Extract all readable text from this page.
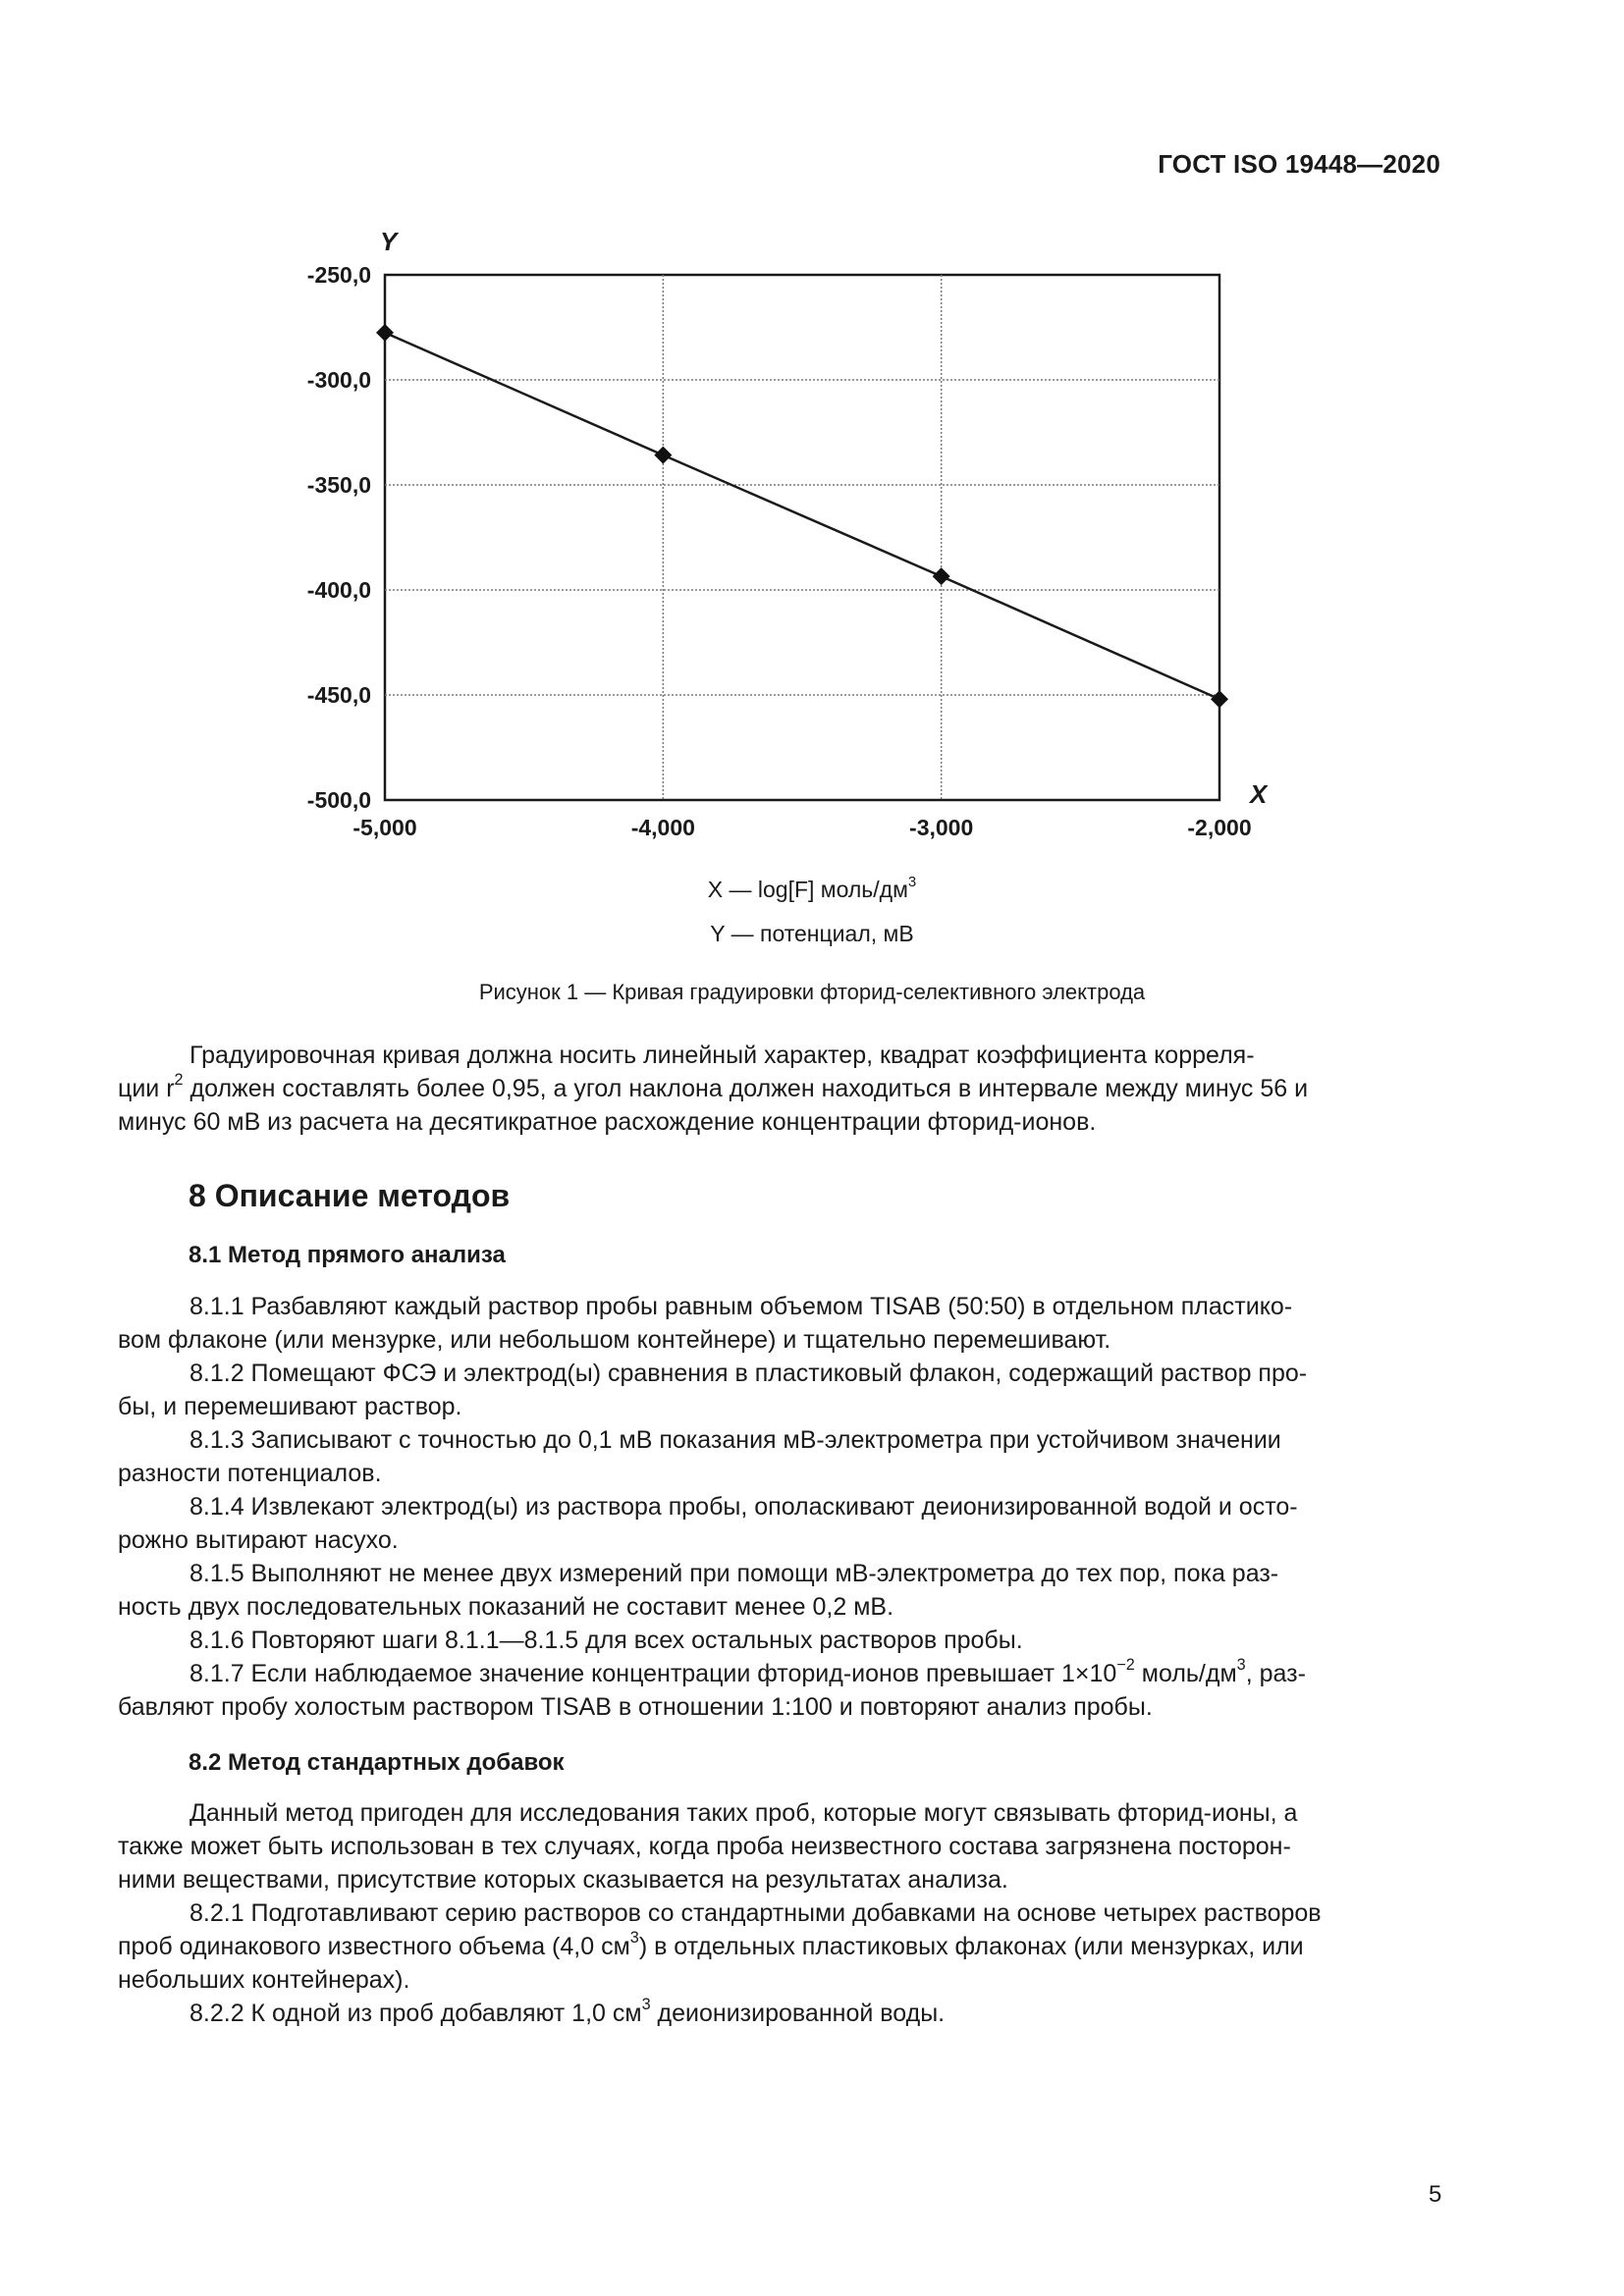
ГОСТ ISO 19448—2020
-250,0
-300,0
-350,0
-400,0
-450,0
-500,0
-5,000	-4,000	-3,000	-2,000
Y
X
X — log[F] моль/$дм^3$
Y — потенциал, мВ
Рисунок 1 — Кривая градуировки фторид-селективного электрода
Градуировочная кривая должна носить линейный характер, квадрат коэффициента корреля-
ции $r^2$ должен составлять более 0,95, а угол наклона должен находиться в интервале между минус 56 и
минус 60 мВ из расчета на десятикратное расхождение концентрации фторид-ионов.
8 Описание методов
8.1 Метод прямого анализа
8.1.1 Разбавляют каждый раствор пробы равным объемом TISAB (50:50) в отдельном пластико-
вом флаконе (или мензурке, или небольшом контейнере) и тщательно перемешивают.
8.1.2 Помещают ФСЭ и электрод(ы) сравнения в пластиковый флакон, содержащий раствор про-
бы, и перемешивают раствор.
8.1.3 Записывают с точностью до 0,1 мВ показания мВ-электрометра при устойчивом значении
разности потенциалов.
8.1.4 Извлекают электрод(ы) из раствора пробы, ополаскивают деионизированной водой и осто-
рожно вытирают насухо.
8.1.5 Выполняют не менее двух измерений при помощи мВ-электрометра до тех пор, пока раз-
ность двух последовательных показаний не составит менее 0,2 мВ.
8.1.6 Повторяют шаги 8.1.1—8.1.5 для всех остальных растворов пробы.
8.1.7 Если наблюдаемое значение концентрации фторид-ионов превышает $1\times 10^{-2}$ моль/$дм^3$, раз-
бавляют пробу холостым раствором TISAB в отношении 1:100 и повторяют анализ пробы.
8.2 Метод стандартных добавок
Данный метод пригоден для исследования таких проб, которые могут связывать фторид-ионы, а
также может быть использован в тех случаях, когда проба неизвестного состава загрязнена посторон-
ними веществами, присутствие которых сказывается на результатах анализа.
8.2.1 Подготавливают серию растворов со стандартными добавками на основе четырех растворов
проб одинакового известного объема (4,0 $см^3$) в отдельных пластиковых флаконах (или мензурках, или
небольших контейнерах).
8.2.2 К одной из проб добавляют 1,0 $см^3$ деионизированной воды.
5
